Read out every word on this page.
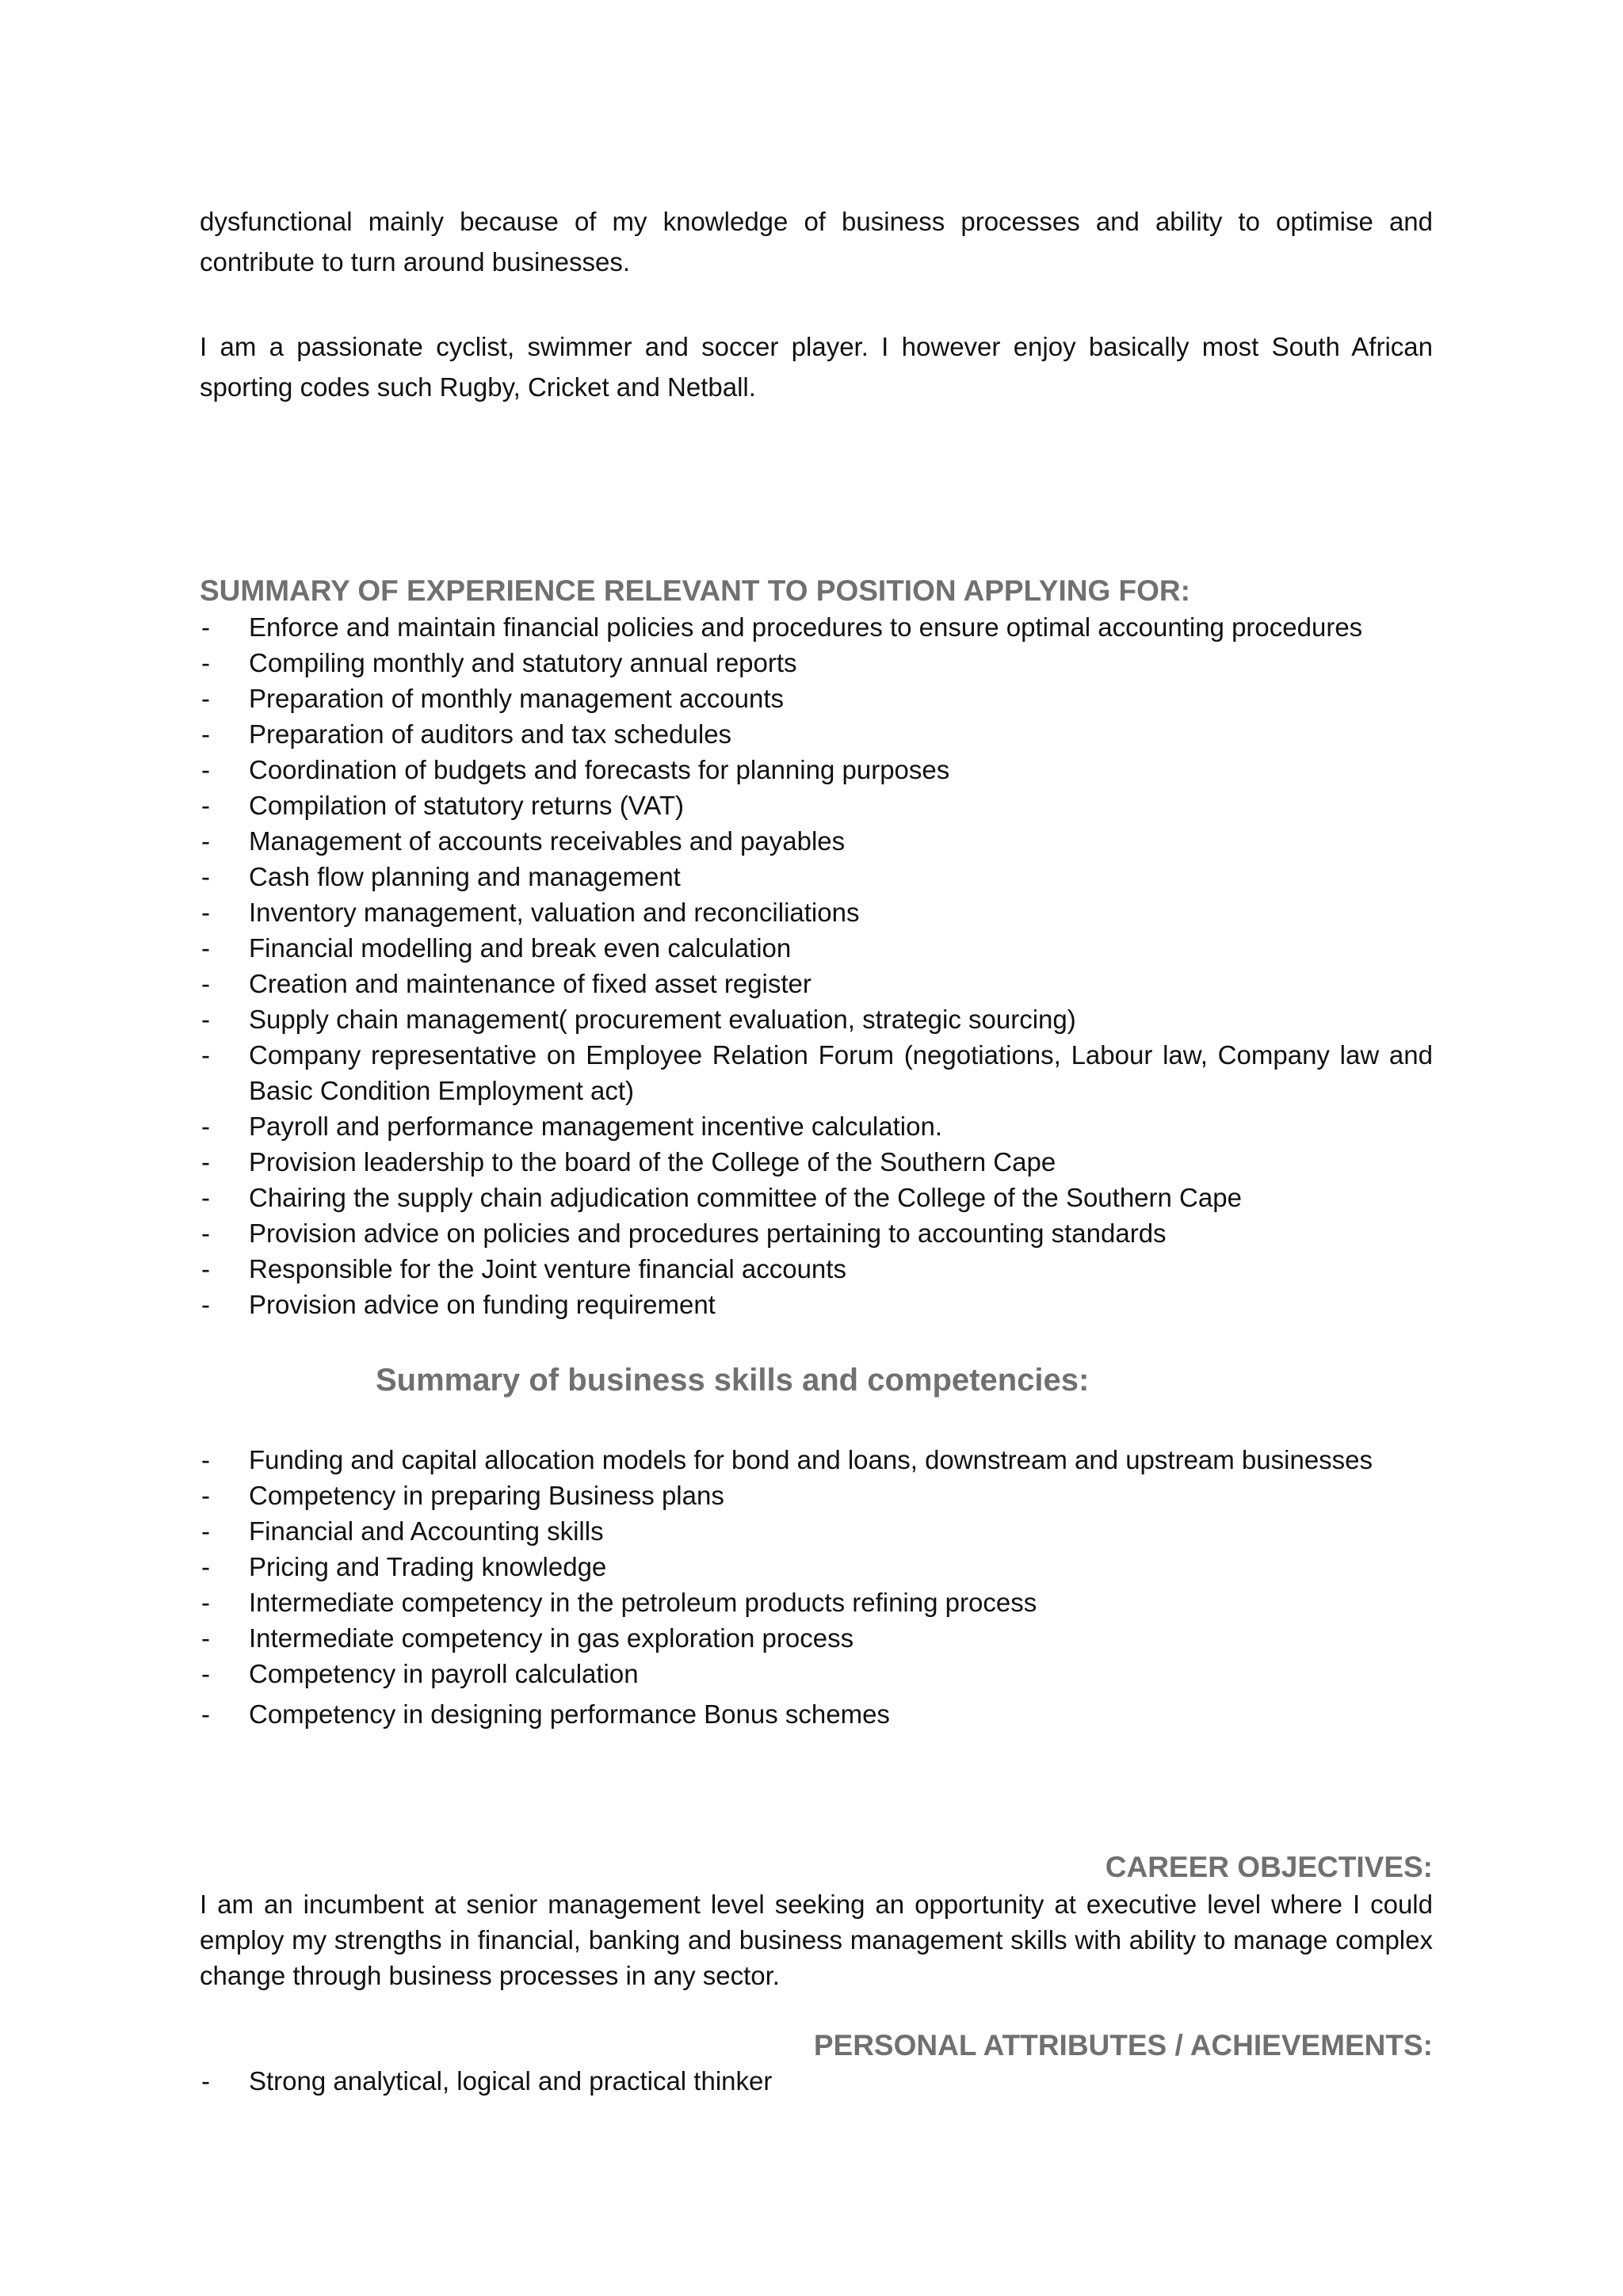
dysfunctional mainly because of my knowledge of business processes and ability to optimise and contribute to turn around businesses.

I am a passionate cyclist, swimmer and soccer player. I however enjoy basically most South African sporting codes such Rugby, Cricket and Netball.

SUMMARY OF EXPERIENCE RELEVANT TO POSITION APPLYING FOR:
- Enforce and maintain financial policies and procedures to ensure optimal accounting procedures
- Compiling monthly and statutory annual reports
- Preparation of monthly management accounts
- Preparation of auditors and tax schedules
- Coordination of budgets and forecasts for planning purposes
- Compilation of statutory returns (VAT)
- Management of accounts receivables and payables
- Cash flow planning and management
- Inventory management, valuation and reconciliations
- Financial modelling and break even calculation
- Creation and maintenance of fixed asset register
- Supply chain management( procurement evaluation, strategic sourcing)
- Company representative on Employee Relation Forum (negotiations, Labour law, Company law and Basic Condition Employment act)
- Payroll and performance management incentive calculation.
- Provision leadership to the board of the College of the Southern Cape
- Chairing the supply chain adjudication committee of the College of the Southern Cape
- Provision advice on policies and procedures pertaining to accounting standards
- Responsible for the Joint venture financial accounts
- Provision advice on funding requirement
Summary of business skills and competencies:
- Funding and capital allocation models for bond and loans, downstream and upstream businesses
- Competency in preparing Business plans
- Financial and Accounting skills
- Pricing and Trading knowledge
- Intermediate competency in the petroleum products refining process
- Intermediate competency in gas exploration process
- Competency in payroll calculation
- Competency in designing performance Bonus schemes
CAREER OBJECTIVES:

I am an incumbent at senior management level seeking an opportunity at executive level where I could employ my strengths in financial, banking and business management skills with ability to manage complex change through business processes in any sector.

PERSONAL ATTRIBUTES / ACHIEVEMENTS:
- Strong analytical, logical and practical thinker
